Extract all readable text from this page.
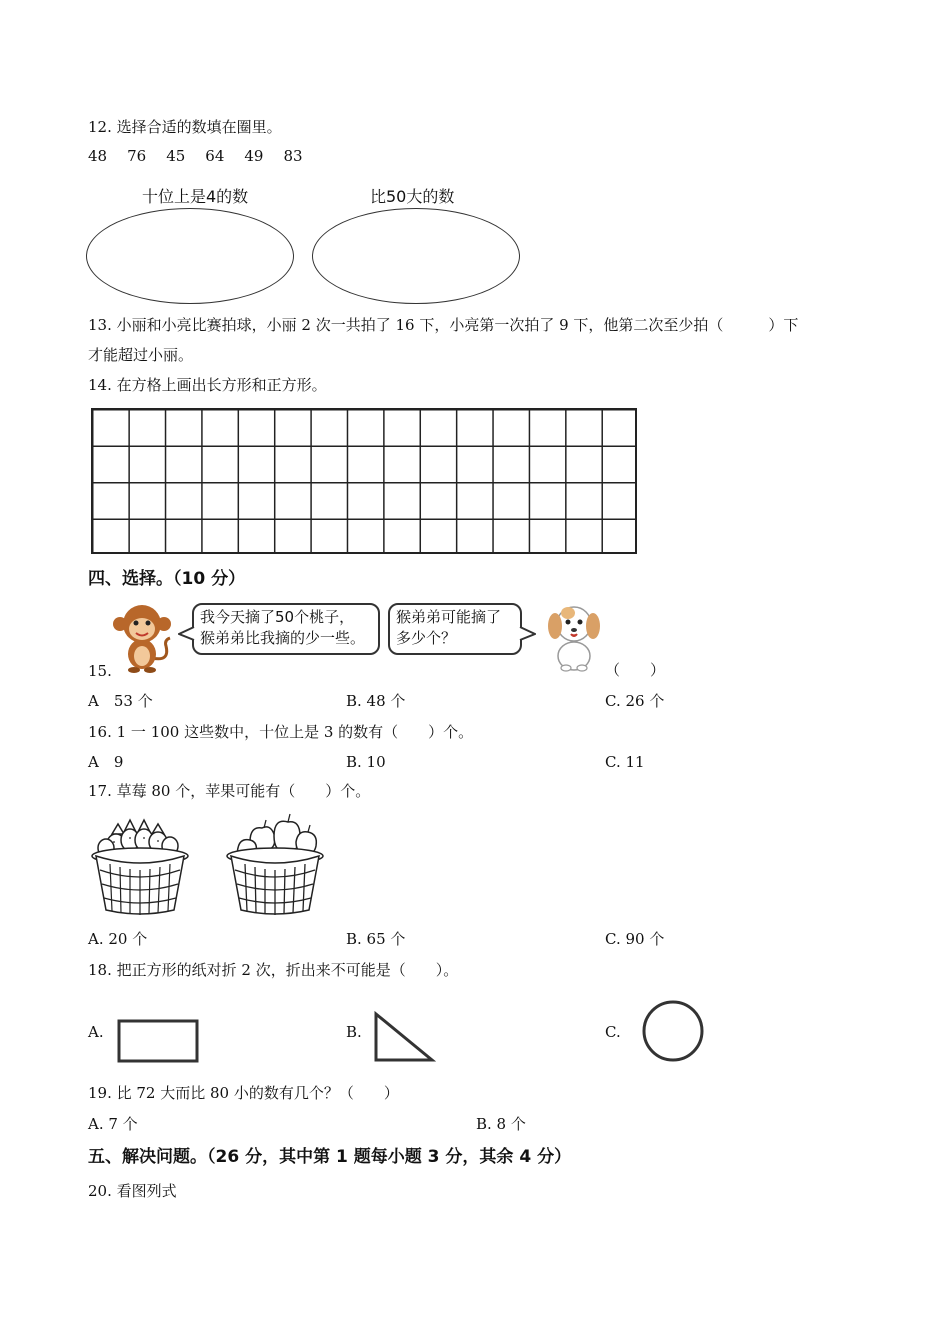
12. 选择合适的数填在圈里。
48 76 45 64 49 83
十位上是4的数	比50大的数
13. 小丽和小亮比赛拍球，小丽 2 次一共拍了 16 下，小亮第一次拍了 9 下，他第二次至少拍（　　　）下
才能超过小丽。
14. 在方格上画出长方形和正方形。
四、选择。（10 分）
我今天摘了50个桃子，
猴弟弟比我摘的少一些。
猴弟弟可能摘了
多少个？
15.	（　　）
A　53 个	B. 48 个	C. 26 个
16. 1 一 100 这些数中，十位上是 3 的数有（　　）个。
A　9	B. 10	C. 11
17. 草莓 80 个，苹果可能有（　　）个。
A. 20 个	B. 65 个	C. 90 个
18. 把正方形的纸对折 2 次，折出来不可能是（　　）。
A.	B.	C.
19. 比 72 大而比 80 小的数有几个？（　　）
A. 7 个	B. 8 个
五、解决问题。（26 分，其中第 1 题每小题 3 分，其余 4 分）
20. 看图列式
